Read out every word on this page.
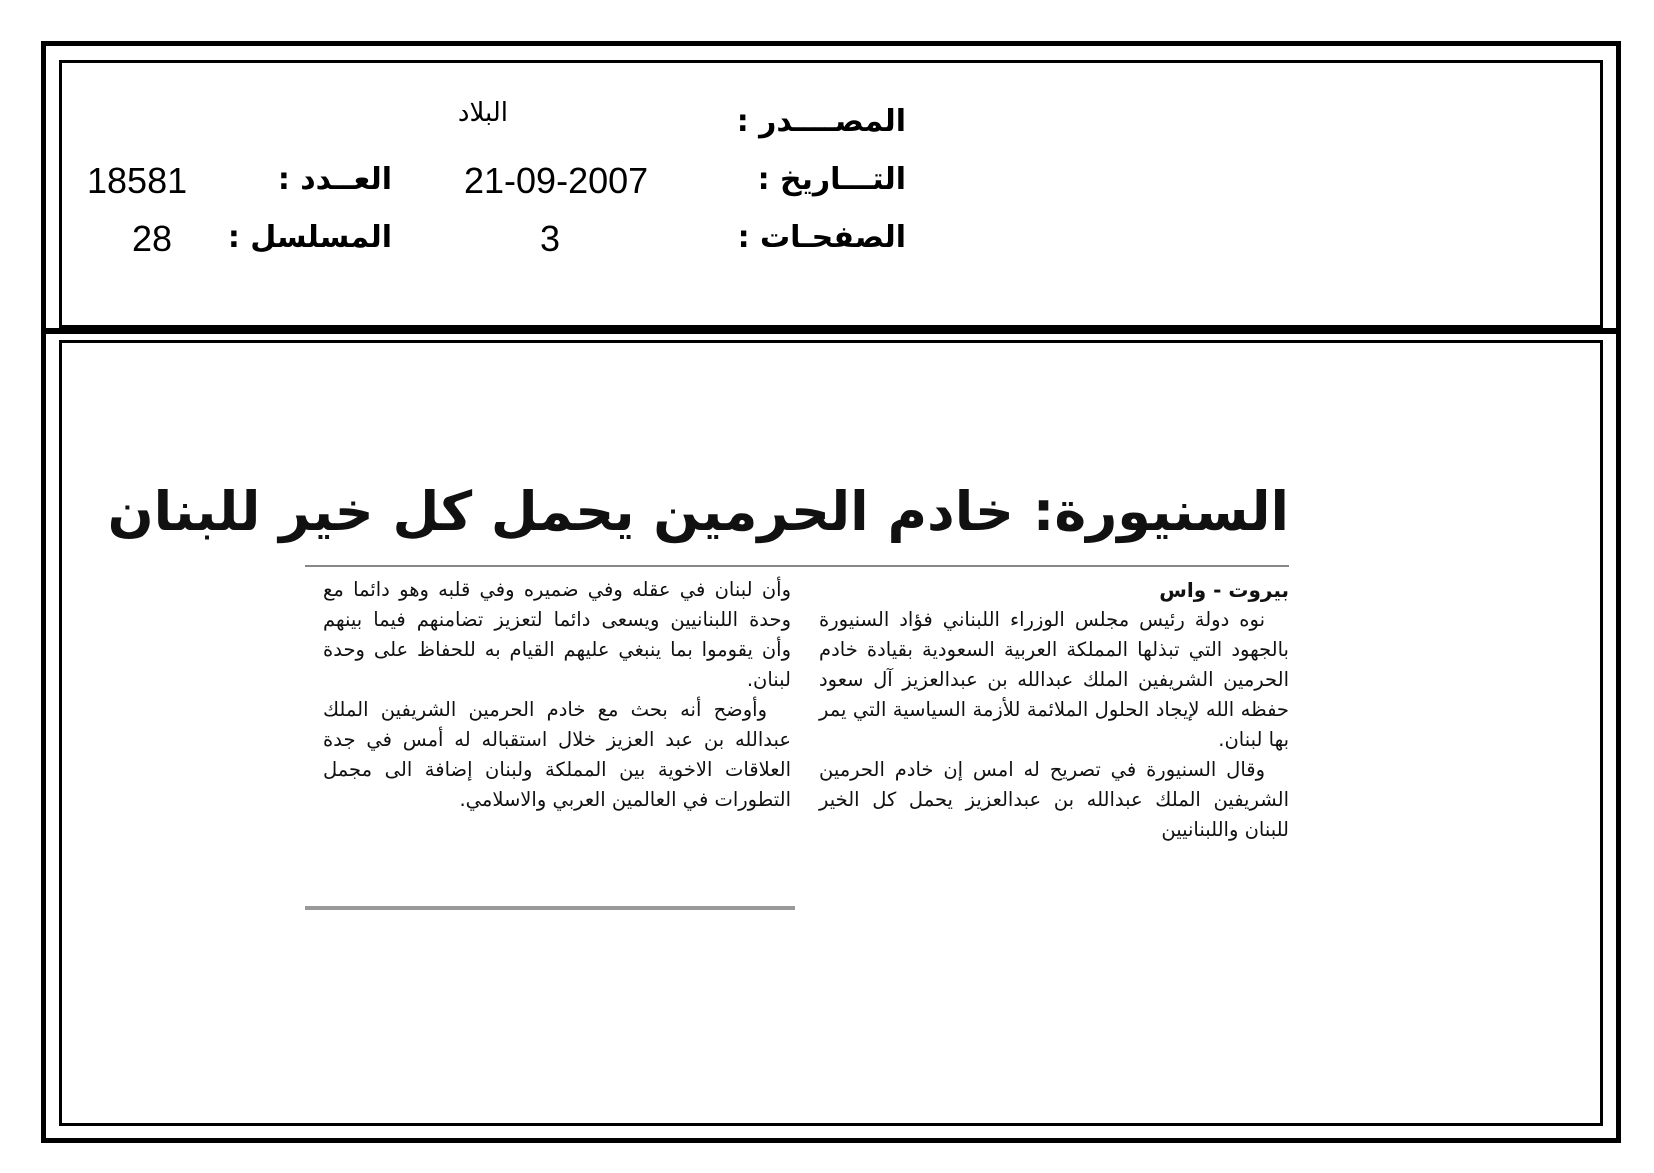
المصــــدر :
البلاد
التـــاريخ :
21-09-2007
العــدد :
18581
الصفحـات :
3
المسلسل :
28
السنيورة: خادم الحرمين يحمل كل خير للبنان
بيروت - واس

نوه دولة رئيس مجلس الوزراء اللبناني فؤاد السنيورة بالجهود التي تبذلها المملكة العربية السعودية بقيادة خادم الحرمين الشريفين الملك عبدالله بن عبدالعزيز آل سعود حفظه الله لإيجاد الحلول الملائمة للأزمة السياسية التي يمر بها لبنان.

وقال السنيورة في تصريح له امس إن خادم الحرمين الشريفين الملك عبدالله بن عبدالعزيز يحمل كل الخير للبنان واللبنانيين

وأن لبنان في عقله وفي ضميره وفي قلبه وهو دائما مع وحدة اللبنانيين ويسعى دائما لتعزيز تضامنهم فيما بينهم وأن يقوموا بما ينبغي عليهم القيام به للحفاظ على وحدة لبنان.

وأوضح أنه بحث مع خادم الحرمين الشريفين الملك عبدالله بن عبد العزيز خلال استقباله له أمس في جدة العلاقات الاخوية بين المملكة ولبنان إضافة الى مجمل التطورات في العالمين العربي والاسلامي.
